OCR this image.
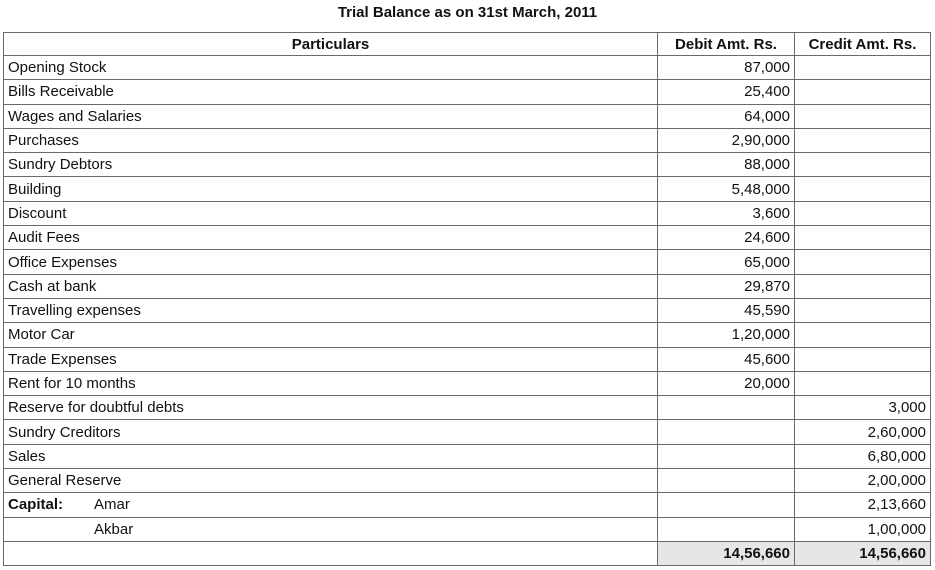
Trial Balance as on 31st March, 2011
Particulars	Debit Amt. Rs.	Credit Amt. Rs.
Opening Stock	87,000	
Bills Receivable	25,400	
Wages and Salaries	64,000	
Purchases	2,90,000	
Sundry Debtors	88,000	
Building	5,48,000	
Discount	3,600	
Audit Fees	24,600	
Office Expenses	65,000	
Cash at bank	29,870	
Travelling expenses	45,590	
Motor Car	1,20,000	
Trade Expenses	45,600	
Rent for 10 months	20,000	
Reserve for doubtful debts		3,000
Sundry Creditors		2,60,000
Sales		6,80,000
General Reserve		2,00,000
Capital: Amar		2,13,660
Akbar		1,00,000
	14,56,660	14,56,660
